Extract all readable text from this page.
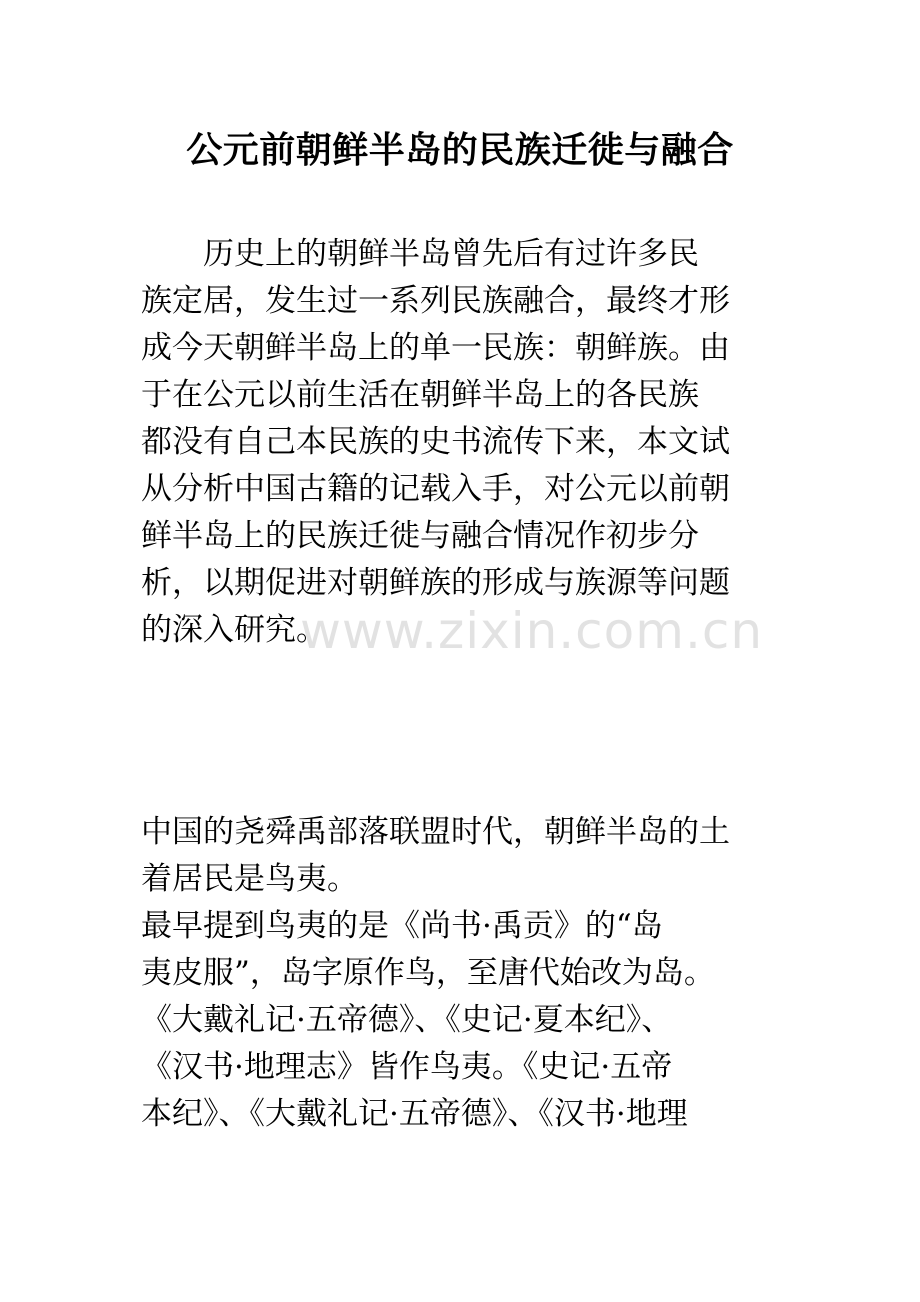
公元前朝鲜半岛的民族迁徙与融合
　　历史上的朝鲜半岛曾先后有过许多民
族定居，发生过一系列民族融合，最终才形
成今天朝鲜半岛上的单一民族：朝鲜族。由
于在公元以前生活在朝鲜半岛上的各民族
都没有自己本民族的史书流传下来，本文试
从分析中国古籍的记载入手，对公元以前朝
鲜半岛上的民族迁徙与融合情况作初步分
析，以期促进对朝鲜族的形成与族源等问题
的深入研究。
www.zixin.com.cn
中国的尧舜禹部落联盟时代，朝鲜半岛的土
着居民是鸟夷。
最早提到鸟夷的是《尚书·禹贡》的“岛
夷皮服”，岛字原作鸟，至唐代始改为岛。
《大戴礼记·五帝德》、《史记·夏本纪》、
《汉书·地理志》皆作鸟夷。《史记·五帝
本纪》、《大戴礼记·五帝德》、《汉书·地理
